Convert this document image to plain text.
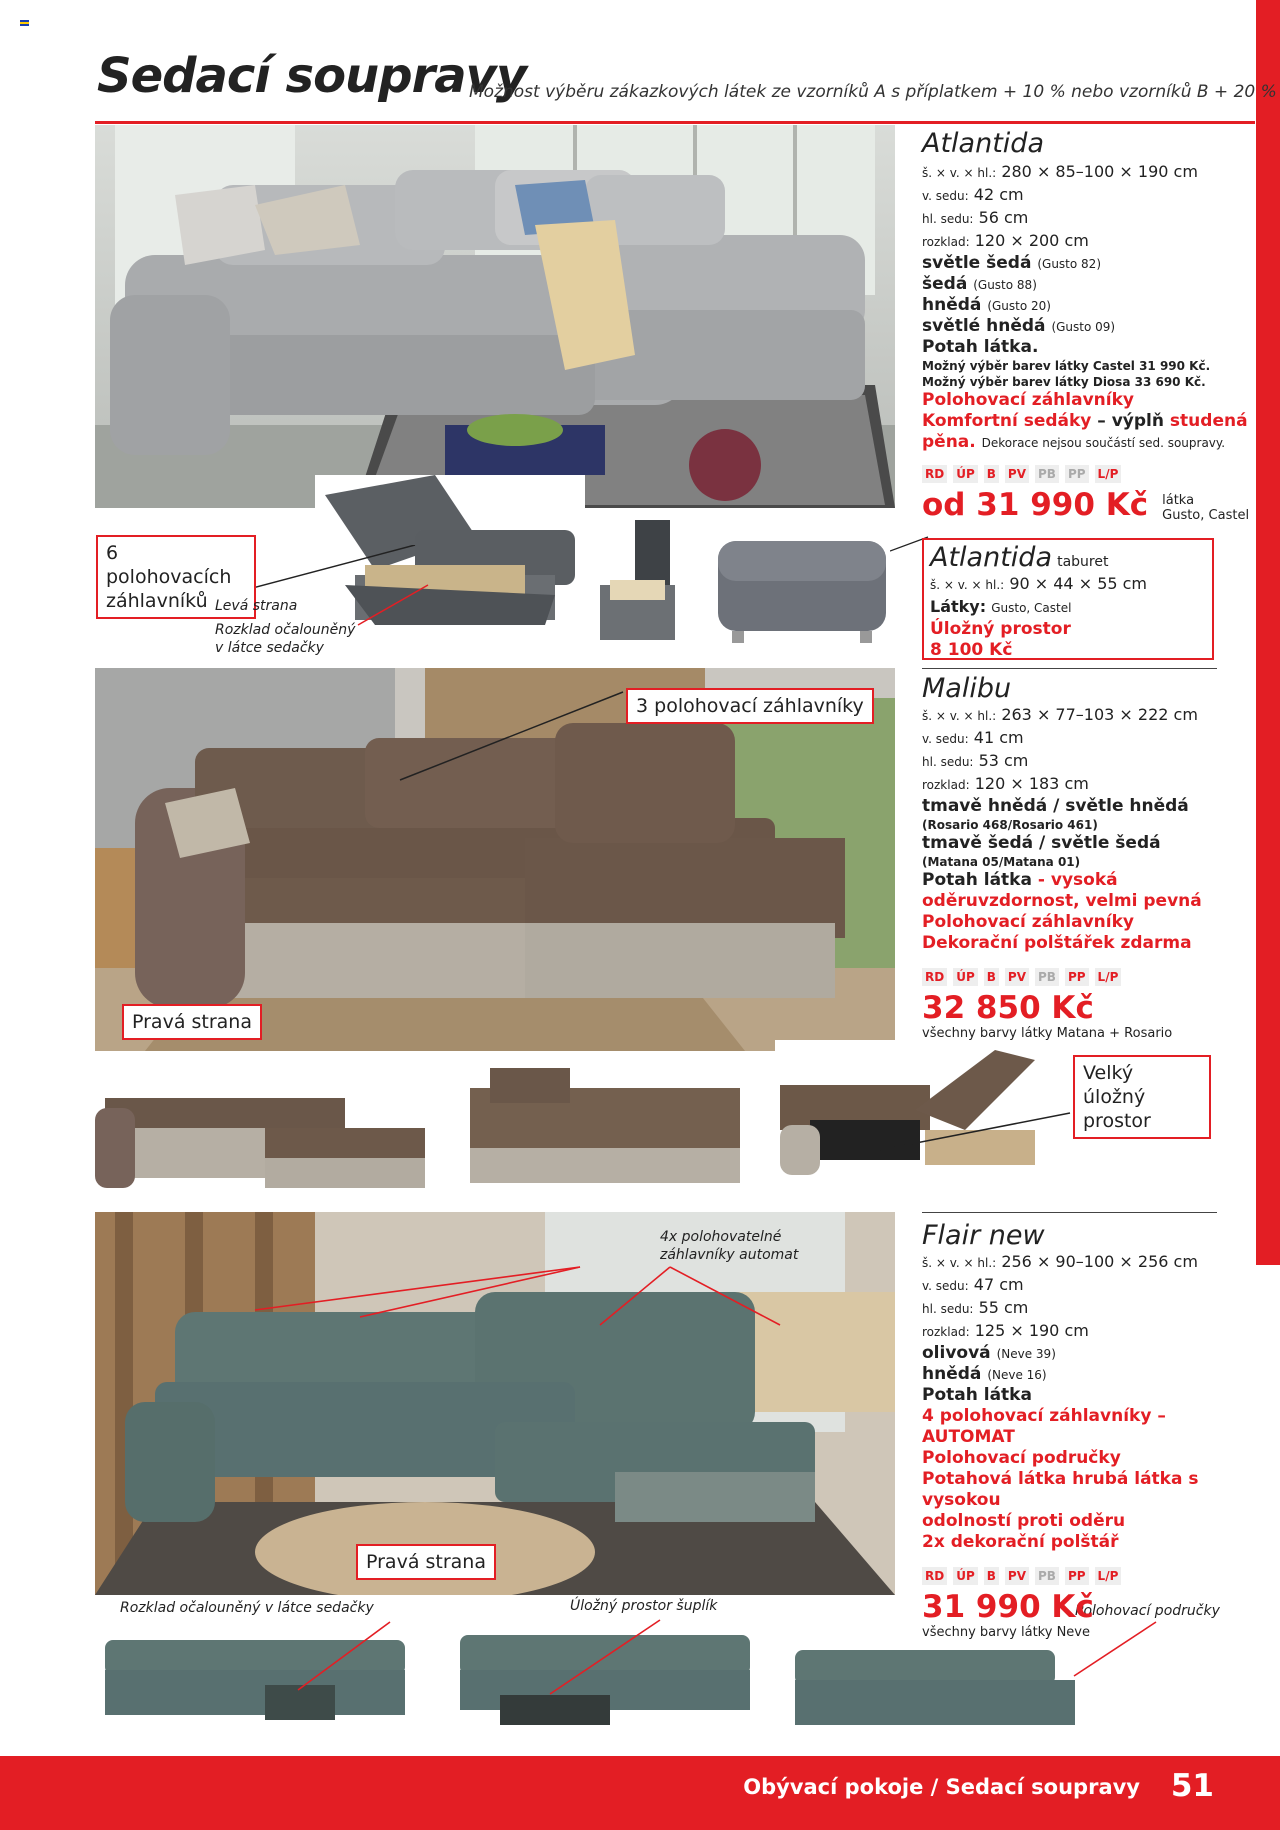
Sedací soupravy
Možnost výběru zákazkových látek ze vzorníků A s příplatkem + 10 % nebo vzorníků B + 20 %
6 polohovacích záhlavníků Levá strana
Rozklad očalouněný
v látce sedačky
Atlantida
š. × v. × hl.: 280 × 85–100 × 190 cm
v. sedu: 42 cm
hl. sedu: 56 cm
rozklad: 120 × 200 cm
světle šedá (Gusto 82)
šedá (Gusto 88)
hnědá (Gusto 20)
světlé hnědá (Gusto 09)
Potah látka.
Možný výběr barev látky Castel 31 990 Kč.
Možný výběr barev látky Diosa 33 690 Kč.
Polohovací záhlavníky
Komfortní sedáky – výplň studená pěna. Dekorace nejsou součástí sed. soupravy.
RD ÚP B PV PB PP L/P
od 31 990 Kč látka
Gusto, Castel
Atlantida taburet
š. × v. × hl.: 90 × 44 × 55 cm
Látky: Gusto, Castel
Úložný prostor
8 100 Kč
3 polohovací záhlavníky
Pravá strana
Velký úložný prostor
Malibu
š. × v. × hl.: 263 × 77–103 × 222 cm
v. sedu: 41 cm
hl. sedu: 53 cm
rozklad: 120 × 183 cm
tmavě hnědá / světle hnědá
(Rosario 468/Rosario 461)
tmavě šedá / světle šedá
(Matana 05/Matana 01)
Potah látka - vysoká
oděruvzdornost, velmi pevná
Polohovací záhlavníky
Dekorační polštářek zdarma
RD ÚP B PV PB PP L/P
32 850 Kč
všechny barvy látky Matana + Rosario
4x polohovatelné
záhlavníky automat
Pravá strana
Rozklad očalouněný v látce sedačky	Úložný prostor šuplík	Polohovací područky
Flair new
š. × v. × hl.: 256 × 90–100 × 256 cm
v. sedu: 47 cm
hl. sedu: 55 cm
rozklad: 125 × 190 cm
olivová (Neve 39)
hnědá (Neve 16)
Potah látka
4 polohovací záhlavníky – AUTOMAT
Polohovací područky
Potahová látka hrubá látka s vysokou
odolností proti oděru
2x dekorační polštář
RD ÚP B PV PB PP L/P
31 990 Kč
všechny barvy látky Neve
Obývací pokoje / Sedací soupravy 51
